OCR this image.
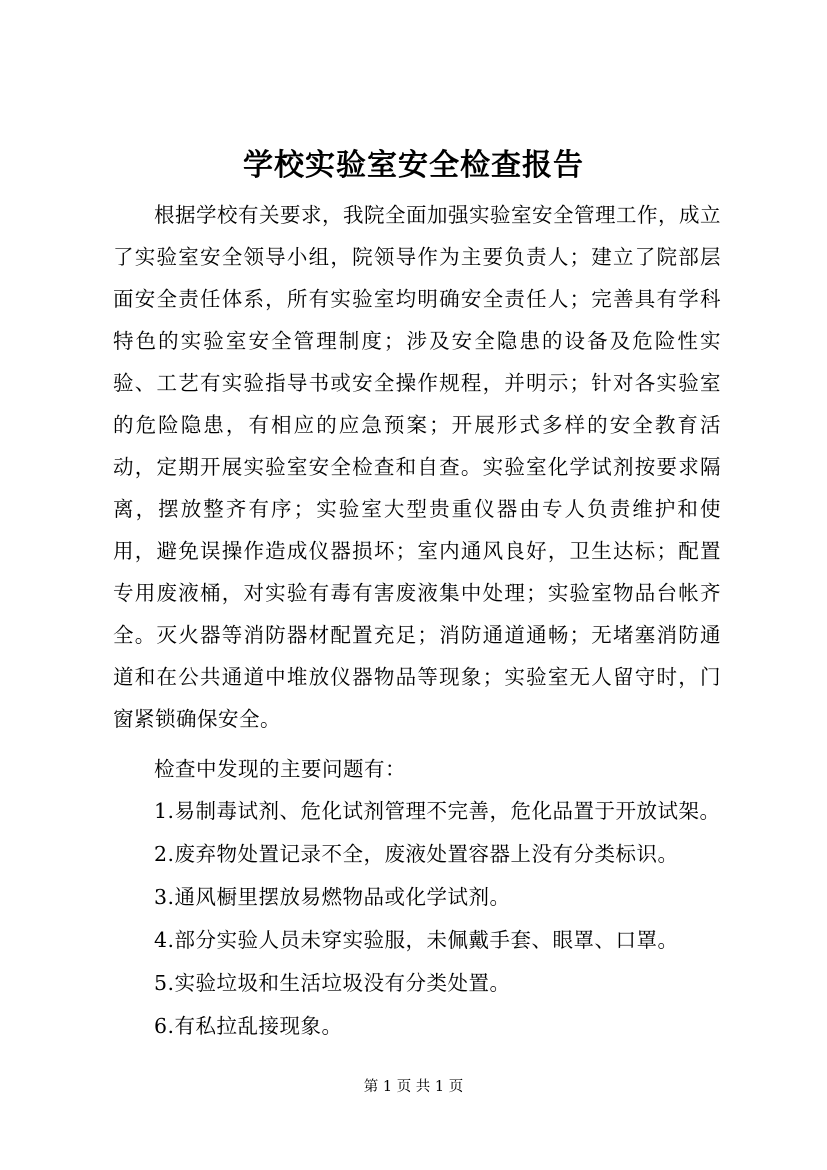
学校实验室安全检查报告

根据学校有关要求，我院全面加强实验室安全管理工作，成立了实验室安全领导小组，院领导作为主要负责人；建立了院部层面安全责任体系，所有实验室均明确安全责任人；完善具有学科特色的实验室安全管理制度；涉及安全隐患的设备及危险性实验、工艺有实验指导书或安全操作规程，并明示；针对各实验室的危险隐患，有相应的应急预案；开展形式多样的安全教育活动，定期开展实验室安全检查和自查。实验室化学试剂按要求隔离，摆放整齐有序；实验室大型贵重仪器由专人负责维护和使用，避免误操作造成仪器损坏；室内通风良好，卫生达标；配置专用废液桶，对实验有毒有害废液集中处理；实验室物品台帐齐全。灭火器等消防器材配置充足；消防通道通畅；无堵塞消防通道和在公共通道中堆放仪器物品等现象；实验室无人留守时，门窗紧锁确保安全。

检查中发现的主要问题有：

1.易制毒试剂、危化试剂管理不完善，危化品置于开放试架。
2.废弃物处置记录不全，废液处置容器上没有分类标识。
3.通风橱里摆放易燃物品或化学试剂。
4.部分实验人员未穿实验服，未佩戴手套、眼罩、口罩。
5.实验垃圾和生活垃圾没有分类处置。
6.有私拉乱接现象。
第 1 页 共 1 页
